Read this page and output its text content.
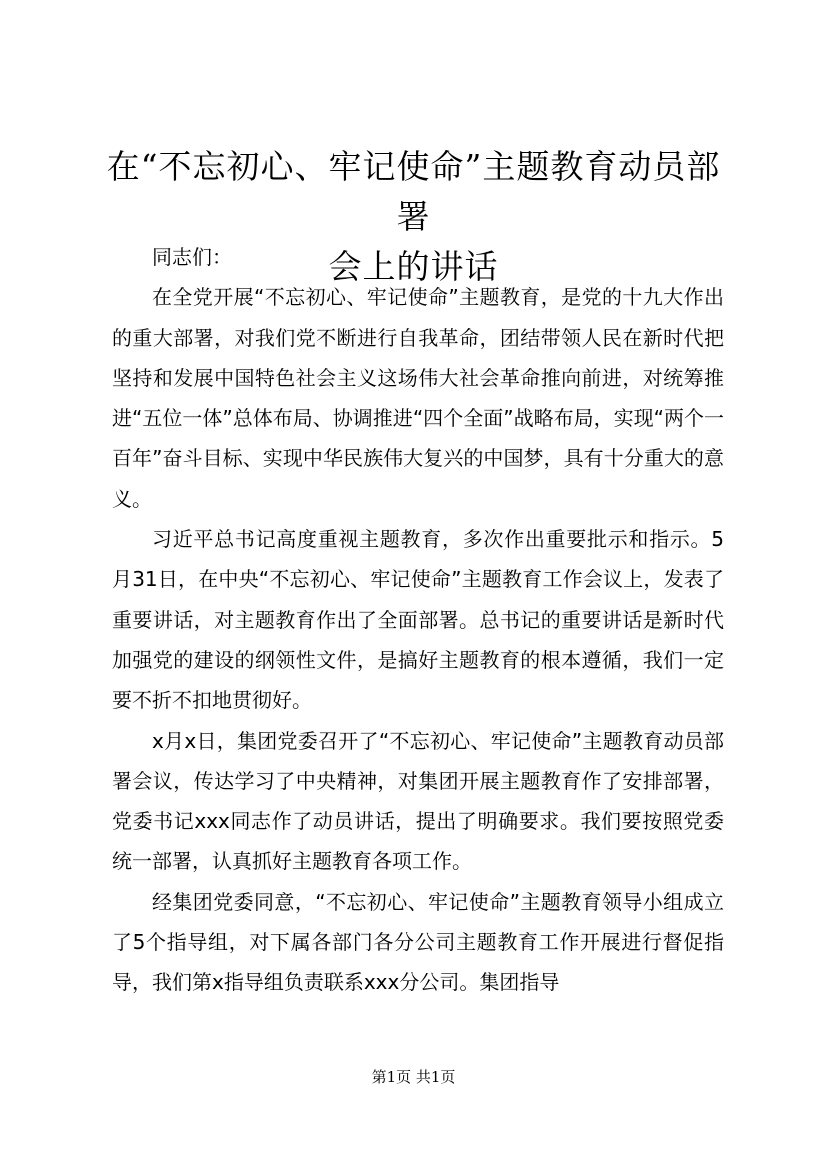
在“不忘初心、牢记使命”主题教育动员部署
会上的讲话

同志们：

在全党开展“不忘初心、牢记使命”主题教育，是党的十九大作出的重大部署，对我们党不断进行自我革命，团结带领人民在新时代把坚持和发展中国特色社会主义这场伟大社会革命推向前进，对统筹推进“五位一体”总体布局、协调推进“四个全面”战略布局，实现“两个一百年”奋斗目标、实现中华民族伟大复兴的中国梦，具有十分重大的意义。

习近平总书记高度重视主题教育，多次作出重要批示和指示。5月31日，在中央“不忘初心、牢记使命”主题教育工作会议上，发表了重要讲话，对主题教育作出了全面部署。总书记的重要讲话是新时代加强党的建设的纲领性文件，是搞好主题教育的根本遵循，我们一定要不折不扣地贯彻好。

x月x日，集团党委召开了“不忘初心、牢记使命”主题教育动员部署会议，传达学习了中央精神，对集团开展主题教育作了安排部署，党委书记xxx同志作了动员讲话，提出了明确要求。我们要按照党委统一部署，认真抓好主题教育各项工作。

经集团党委同意，“不忘初心、牢记使命”主题教育领导小组成立了5个指导组，对下属各部门各分公司主题教育工作开展进行督促指导，我们第x指导组负责联系xxx分公司。集团指导

第1页 共1页
